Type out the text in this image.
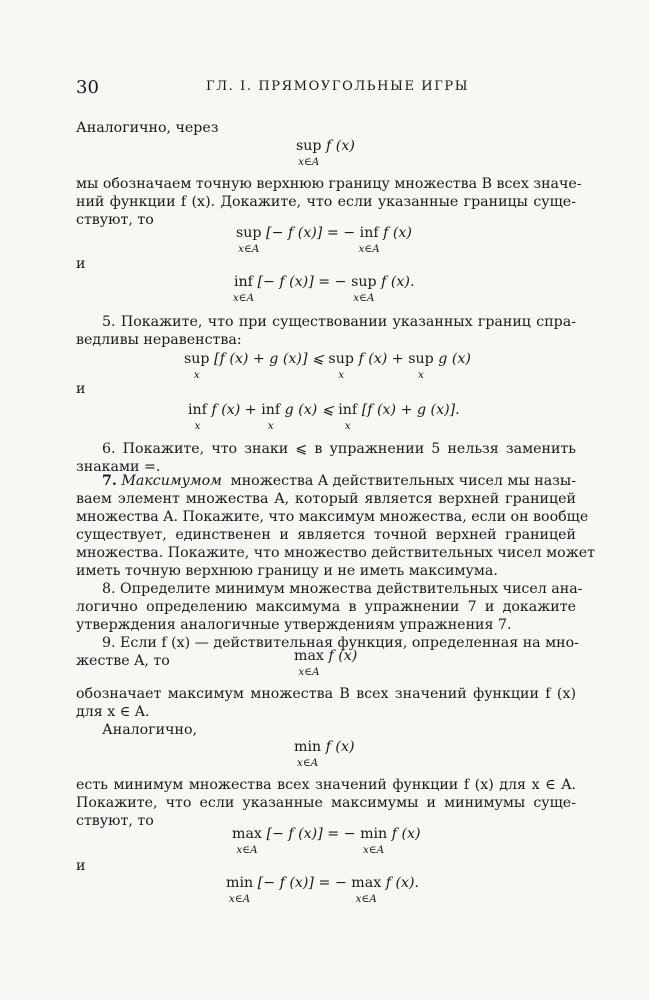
30	ГЛ. I. ПРЯМОУГОЛЬНЫЕ ИГРЫ
Аналогично, через
sup
x∈A
f (x)
мы обозначаем точную верхнюю границу множества B всех значе-
ний функции f (x). Докажите, что если указанные границы суще-
ствуют, то
sup
x∈A
[− f (x)] = − inf
x∈A
f (x)
и
inf
x∈A
[− f (x)] = − sup
x∈A
f (x).
5. Покажите, что при существовании указанных границ спра-
ведливы неравенства:
sup
x
[f (x) + g (x)] ⩽ sup
x
f (x) + sup
x
g (x)
и
inf
x
f (x) + inf
x
g (x) ⩽ inf
x
[f (x) + g (x)].
6. Покажите, что знаки ⩽ в упражнении 5 нельзя заменить
знаками =.
7. Максимумом множества A действительных чисел мы назы-
ваем элемент множества A, который является верхней границей
множества A. Покажите, что максимум множества, если он вообще
существует, единственен и является точной верхней границей
множества. Покажите, что множество действительных чисел может
иметь точную верхнюю границу и не иметь максимума.
8. Определите минимум множества действительных чисел ана-
логично определению максимума в упражнении 7 и докажите
утверждения аналогичные утверждениям упражнения 7.
9. Если f (x) — действительная функция, определенная на мно-
жестве A, то	max
x∈A
f (x)
обозначает максимум множества B всех значений функции f (x)
для x ∈ A.
Аналогично,
min
x∈A
f (x)
есть минимум множества всех значений функции f (x) для x ∈ A.
Покажите, что если указанные максимумы и минимумы суще-
ствуют, то
max
x∈A
[− f (x)] = − min
x∈A
f (x)
и
min
x∈A
[− f (x)] = − max
x∈A
f (x).
